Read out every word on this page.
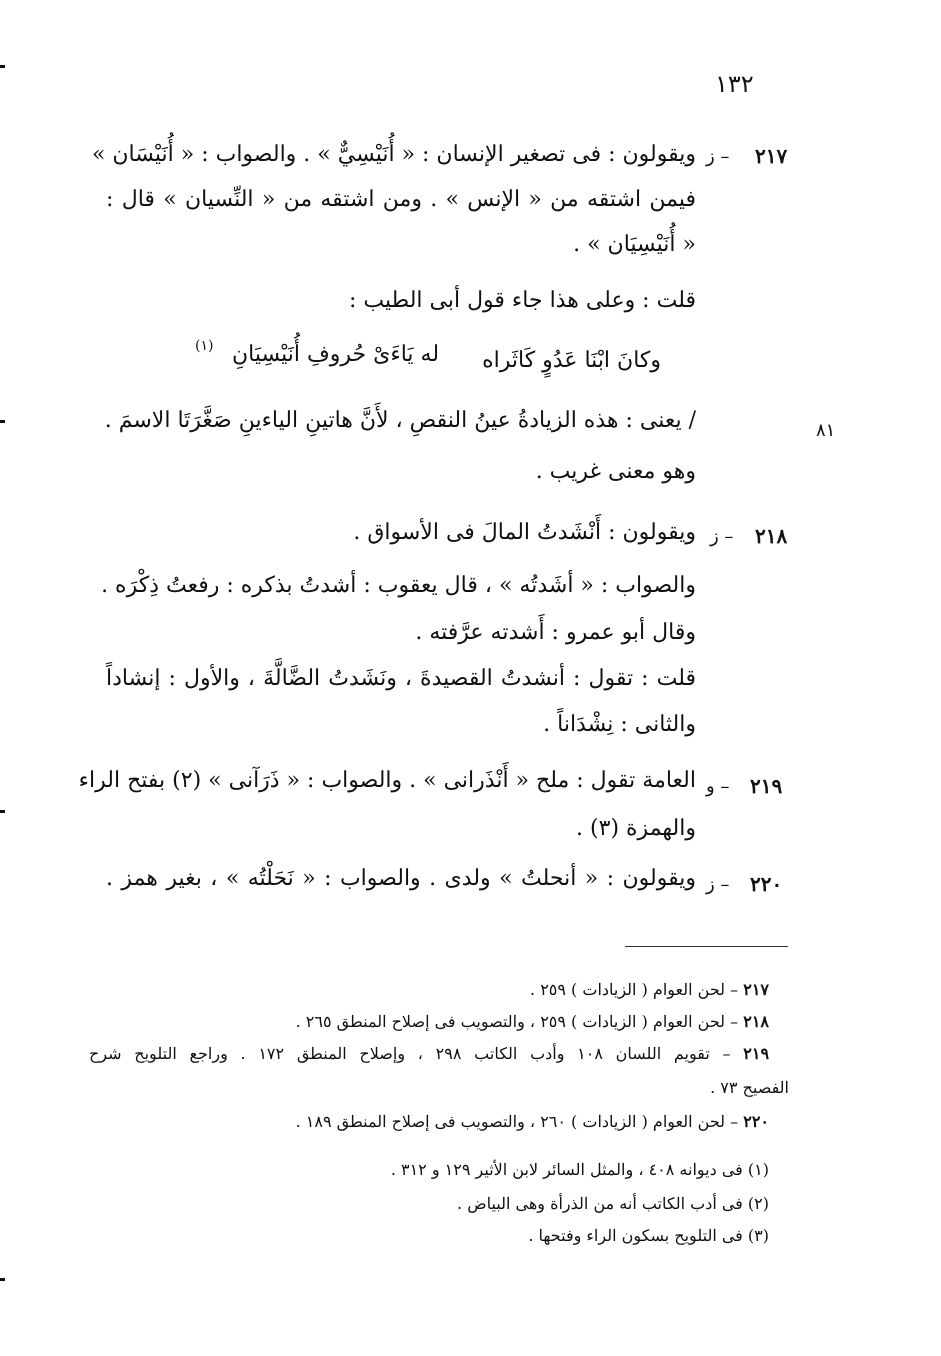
١٣٢
٨١
٢١٧
– ز
ويقولون : فى تصغير الإنسان : « أُنَيْسِيٌّ » . والصواب : « أُنَيْسَان »
فيمن اشتقه من « الإنس » . ومن اشتقه من « النِّسيان » قال :
« أُنَيْسِيَان » .
قلت : وعلى هذا جاء قول أبى الطيب :
وكانَ ابْنَا عَدُوٍ كَاثَراه
له يَاءَىْ حُروفِ أُنَيْسِيَانِ
(١)
/ يعنى : هذه الزيادةُ عينُ النقصِ ، لأَنَّ هاتينِ الياءينِ صَغَّرَتَا الاسمَ .
وهو معنى غريب .
٢١٨
– ز
ويقولون : أَنْشَدتُ المالَ فى الأسواق .
والصواب : « أشَدتُه » ، قال يعقوب : أشدتُ بذكره : رفعتُ ذِكْرَه .
وقال أبو عمرو : أَشدته عرَّفته .
قلت : تقول : أنشدتُ القصيدةَ ، ونَشَدتُ الضَّالَّةَ ، والأول : إنشاداً
والثانى : نِشْدَاناً .
٢١٩
– و
العامة تقول : ملح « أَنْذَرانى » . والصواب : « ذَرَآنى » (٢) بفتح الراء
والهمزة (٣) .
٢٢٠
– ز
ويقولون : « أنحلتُ » ولدى . والصواب : « نَحَلْتُه » ، بغير همز .
٢١٧ – لحن العوام ( الزيادات ) ٢٥٩ .
٢١٨ – لحن العوام ( الزيادات ) ٢٥٩ ، والتصويب فى إصلاح المنطق ٢٦٥ .
٢١٩ – تقويم اللسان ١٠٨ وأدب الكاتب ٢٩٨ ، وإصلاح المنطق ١٧٢ . وراجع التلويح شرح
الفصيح ٧٣ .
٢٢٠ – لحن العوام ( الزيادات ) ٢٦٠ ، والتصويب فى إصلاح المنطق ١٨٩ .
(١) فى ديوانه ٤٠٨ ، والمثل السائر لابن الأثير ١٢٩ و ٣١٢ .
(٢) فى أدب الكاتب أنه من الذرأة وهى البياض .
(٣) فى التلويح بسكون الراء وفتحها .
